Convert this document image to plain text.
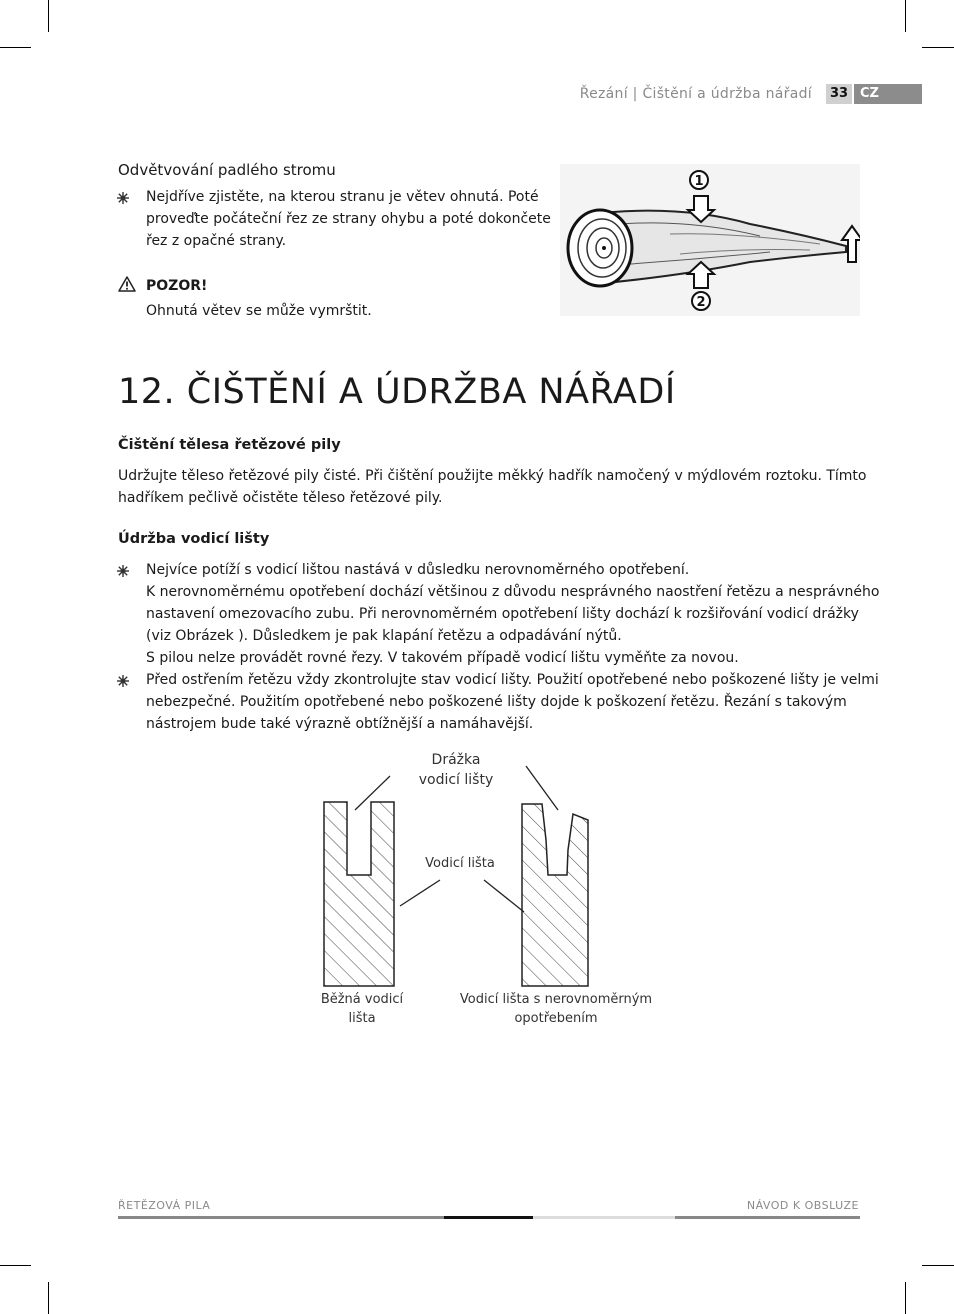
Řezání | Čištění a údržba nářadí	33 CZ
Odvětvování padlého stromu
Nejdříve zjistěte, na kterou stranu je větev ohnutá. Poté
proveďte počáteční řez ze strany ohybu a poté dokončete
řez z opačné strany.
POZOR!
Ohnutá větev se může vymrštit.
1
2
12. ČIŠTĚNÍ A ÚDRŽBA NÁŘADÍ
Čištění tělesa řetězové pily
Udržujte těleso řetězové pily čisté. Při čištění použijte měkký hadřík namočený v mýdlovém roztoku. Tímto
hadříkem pečlivě očistěte těleso řetězové pily.
Údržba vodicí lišty
Nejvíce potíží s vodicí lištou nastává v důsledku nerovnoměrného opotřebení.
K nerovnoměrnému opotřebení dochází většinou z důvodu nesprávného naostření řetězu a nesprávného
nastavení omezovacího zubu. Při nerovnoměrném opotřebení lišty dochází k rozšiřování vodicí drážky
(viz Obrázek ). Důsledkem je pak klapání řetězu a odpadávání nýtů.
S pilou nelze provádět rovné řezy. V takovém případě vodicí lištu vyměňte za novou.
Před ostřením řetězu vždy zkontrolujte stav vodicí lišty. Použití opotřebené nebo poškozené lišty je velmi
nebezpečné. Použitím opotřebené nebo poškozené lišty dojde k poškození řetězu. Řezání s takovým
nástrojem bude také výrazně obtížnější a namáhavější.
Drážka
vodicí lišty
Vodicí lišta
Běžná vodicí
lišta
Vodicí lišta s nerovnoměrným
opotřebením
ŘETĚZOVÁ PILA	NÁVOD K OBSLUZE
